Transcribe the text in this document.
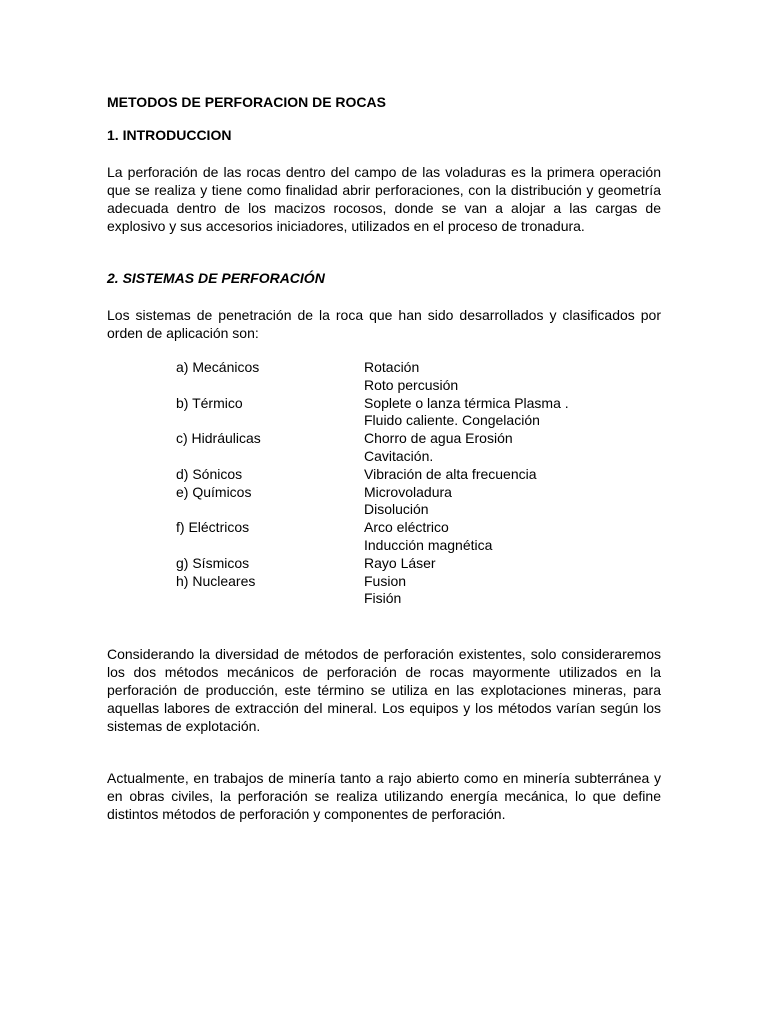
METODOS DE PERFORACION DE ROCAS
1. INTRODUCCION

La perforación de las rocas dentro del campo de las voladuras es la primera operación que se realiza y tiene como finalidad abrir perforaciones, con la distribución y geometría adecuada dentro de los macizos rocosos, donde se van a alojar a las cargas de explosivo y sus accesorios iniciadores, utilizados en el proceso de tronadura.

2. SISTEMAS DE PERFORACIÓN

Los sistemas de penetración de la roca que han sido desarrollados y clasificados por orden de aplicación son:

a) Mecánicos	Rotación
Roto percusión
b) Térmico	Soplete o lanza térmica Plasma .
Fluido caliente. Congelación
c) Hidráulicas	Chorro de agua Erosión
Cavitación.
d) Sónicos	Vibración de alta frecuencia
e) Químicos	Microvoladura
Disolución
f) Eléctricos	Arco eléctrico
Inducción magnética
g) Sísmicos	Rayo Láser
h) Nucleares	Fusion
Fisión

Considerando la diversidad de métodos de perforación existentes, solo consideraremos los dos métodos mecánicos de perforación de rocas mayormente utilizados en la perforación de producción, este término se utiliza en las explotaciones mineras, para aquellas labores de extracción del mineral. Los equipos y los métodos varían según los sistemas de explotación.

Actualmente, en trabajos de minería tanto a rajo abierto como en minería subterránea y en obras civiles, la perforación se realiza utilizando energía mecánica, lo que define distintos métodos de perforación y componentes de perforación.
